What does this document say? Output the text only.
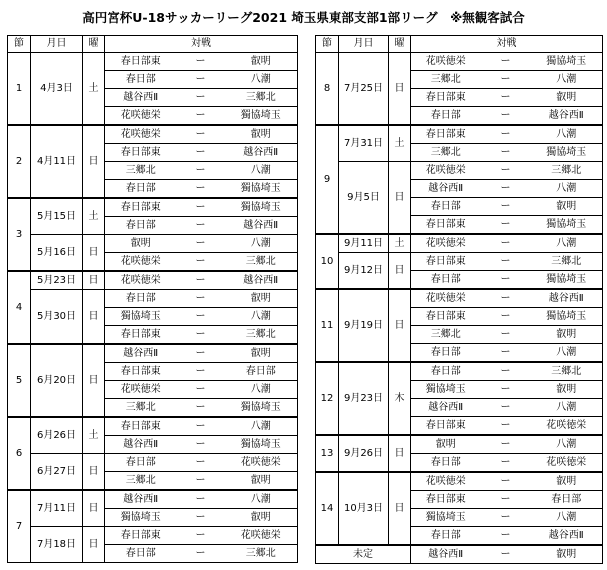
高円宮杯U-18サッカーリーグ2021 埼玉県東部支部1部リーグ　※無観客試合
節	月日	曜	対戦		
1	4月3日	土	春日部東	ー	叡明
			春日部	ー	八潮
			越谷西Ⅱ	ー	三郷北
			花咲徳栄	ー	獨協埼玉
2	4月11日	日	花咲徳栄	ー	叡明
			春日部東	ー	越谷西Ⅱ
			三郷北	ー	八潮
			春日部	ー	獨協埼玉
3	5月15日	土	春日部東	ー	獨協埼玉
			春日部	ー	越谷西Ⅱ
	5月16日	日	叡明	ー	八潮
			花咲徳栄	ー	三郷北
4	5月23日	日	花咲徳栄	ー	越谷西Ⅱ
	5月30日	日	春日部	ー	叡明
			獨協埼玉	ー	八潮
			春日部東	ー	三郷北
5	6月20日	日	越谷西Ⅱ	ー	叡明
			春日部東	ー	春日部
			花咲徳栄	ー	八潮
			三郷北	ー	獨協埼玉
6	6月26日	土	春日部東	ー	八潮
			越谷西Ⅱ	ー	獨協埼玉
	6月27日	日	春日部	ー	花咲徳栄
			三郷北	ー	叡明
7	7月11日	日	越谷西Ⅱ	ー	八潮
			獨協埼玉	ー	叡明
	7月18日	日	春日部東	ー	花咲徳栄
			春日部	ー	三郷北
節	月日	曜	対戦		
8	7月25日	日	花咲徳栄	ー	獨協埼玉
			三郷北	ー	八潮
			春日部東	ー	叡明
			春日部	ー	越谷西Ⅱ
9	7月31日	土	春日部東	ー	八潮
			三郷北	ー	獨協埼玉
	9月5日	日	花咲徳栄	ー	三郷北
			越谷西Ⅱ	ー	八潮
			春日部	ー	叡明
			春日部東	ー	獨協埼玉
10	9月11日	土	花咲徳栄	ー	八潮
	9月12日	日	春日部東	ー	三郷北
			春日部	ー	獨協埼玉
11	9月19日	日	花咲徳栄	ー	越谷西Ⅱ
			春日部東	ー	獨協埼玉
			三郷北	ー	叡明
			春日部	ー	八潮
12	9月23日	木	春日部	ー	三郷北
			獨協埼玉	ー	叡明
			越谷西Ⅱ	ー	八潮
			春日部東	ー	花咲徳栄
13	9月26日	日	叡明	ー	八潮
			春日部	ー	花咲徳栄
14	10月3日	日	花咲徳栄	ー	叡明
			春日部東	ー	春日部
			獨協埼玉	ー	八潮
			春日部	ー	越谷西Ⅱ
未定			越谷西Ⅱ	ー	叡明
